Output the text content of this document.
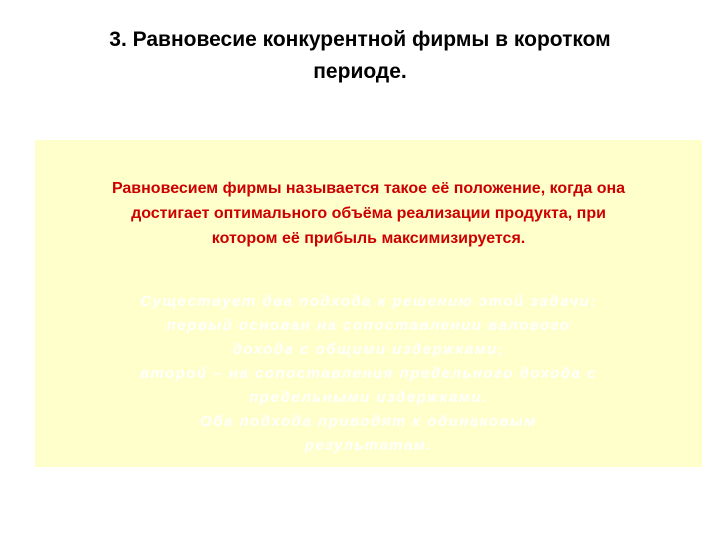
3. Равновесие конкурентной фирмы в коротком
периоде.
Равновесием фирмы называется такое её положение, когда она
достигает оптимального объёма реализации продукта, при
котором её прибыль максимизируется.
Существует два подхода к решению этой задачи:
первый основан на сопоставлении валового
дохода с общими издержками;
второй – на сопоставления предельного дохода с
предельными издержками.
Оба подхода приводят к одинаковым
результатам.
